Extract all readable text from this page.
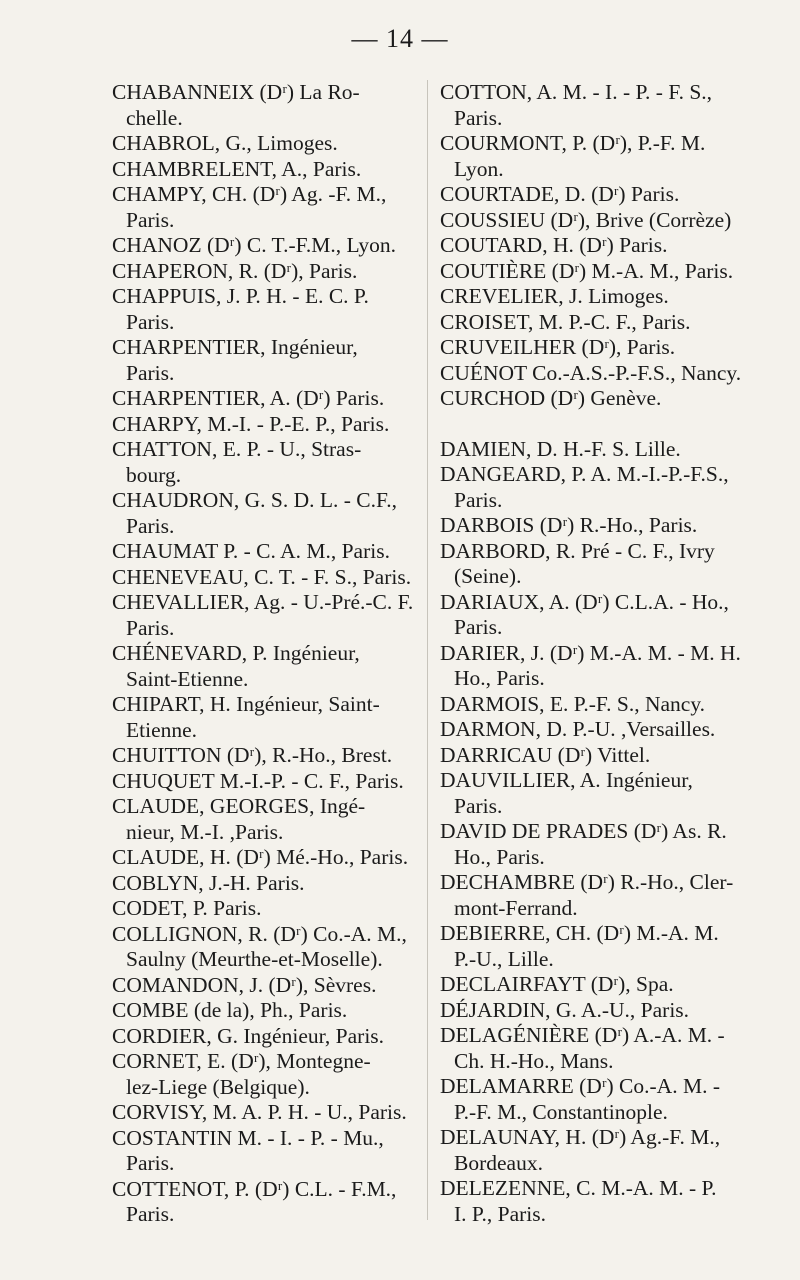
— 14 —

CHABANNEIX (Dʳ) La Ro-
chelle.

CHABROL, G., Limoges.

CHAMBRELENT, A., Paris.

CHAMPY, CH. (Dʳ) Ag. -F. M.,
Paris.

CHANOZ (Dʳ) C. T.-F.M., Lyon.

CHAPERON, R. (Dʳ), Paris.

CHAPPUIS, J. P. H. - E. C. P.
Paris.

CHARPENTIER, Ingénieur,
Paris.

CHARPENTIER, A. (Dʳ) Paris.

CHARPY, M.-I. - P.-E. P., Paris.

CHATTON, E. P. - U., Stras-
bourg.

CHAUDRON, G. S. D. L. - C.F.,
Paris.

CHAUMAT P. - C. A. M., Paris.

CHENEVEAU, C. T. - F. S., Paris.

CHEVALLIER, Ag. - U.-Pré.-C. F.
Paris.

CHÉNEVARD, P. Ingénieur,
Saint-Etienne.

CHIPART, H. Ingénieur, Saint-
Etienne.

CHUITTON (Dʳ), R.-Ho., Brest.

CHUQUET M.-I.-P. - C. F., Paris.

CLAUDE, GEORGES, Ingé-
nieur, M.-I. ,Paris.

CLAUDE, H. (Dʳ) Mé.-Ho., Paris.

COBLYN, J.-H. Paris.

CODET, P. Paris.

COLLIGNON, R. (Dʳ) Co.-A. M.,
Saulny (Meurthe-et-Moselle).

COMANDON, J. (Dʳ), Sèvres.

COMBE (de la), Ph., Paris.

CORDIER, G. Ingénieur, Paris.

CORNET, E. (Dʳ), Montegne-
lez-Liege (Belgique).

CORVISY, M. A. P. H. - U., Paris.

COSTANTIN M. - I. - P. - Mu.,
Paris.

COTTENOT, P. (Dʳ) C.L. - F.M.,
Paris.

COTTON, A. M. - I. - P. - F. S.,
Paris.

COURMONT, P. (Dʳ), P.-F. M.
Lyon.

COURTADE, D. (Dʳ) Paris.

COUSSIEU (Dʳ), Brive (Corrèze)

COUTARD, H. (Dʳ) Paris.

COUTIÈRE (Dʳ) M.-A. M., Paris.

CREVELIER, J. Limoges.

CROISET, M. P.-C. F., Paris.

CRUVEILHER (Dʳ), Paris.

CUÉNOT Co.-A.S.-P.-F.S., Nancy.

CURCHOD (Dʳ) Genève.

DAMIEN, D. H.-F. S. Lille.

DANGEARD, P. A. M.-I.-P.-F.S.,
Paris.

DARBOIS (Dʳ) R.-Ho., Paris.

DARBORD, R. Pré - C. F., Ivry
(Seine).

DARIAUX, A. (Dʳ) C.L.A. - Ho.,
Paris.

DARIER, J. (Dʳ) M.-A. M. - M. H.
Ho., Paris.

DARMOIS, E. P.-F. S., Nancy.

DARMON, D. P.-U. ,Versailles.

DARRICAU (Dʳ) Vittel.

DAUVILLIER, A. Ingénieur,
Paris.

DAVID DE PRADES (Dʳ) As. R.
Ho., Paris.

DECHAMBRE (Dʳ) R.-Ho., Cler-
mont-Ferrand.

DEBIERRE, CH. (Dʳ) M.-A. M.
P.-U., Lille.

DECLAIRFAYT (Dʳ), Spa.

DÉJARDIN, G. A.-U., Paris.

DELAGÉNIÈRE (Dʳ) A.-A. M. -
Ch. H.-Ho., Mans.

DELAMARRE (Dʳ) Co.-A. M. -
P.-F. M., Constantinople.

DELAUNAY, H. (Dʳ) Ag.-F. M.,
Bordeaux.

DELEZENNE, C. M.-A. M. - P.
I. P., Paris.
